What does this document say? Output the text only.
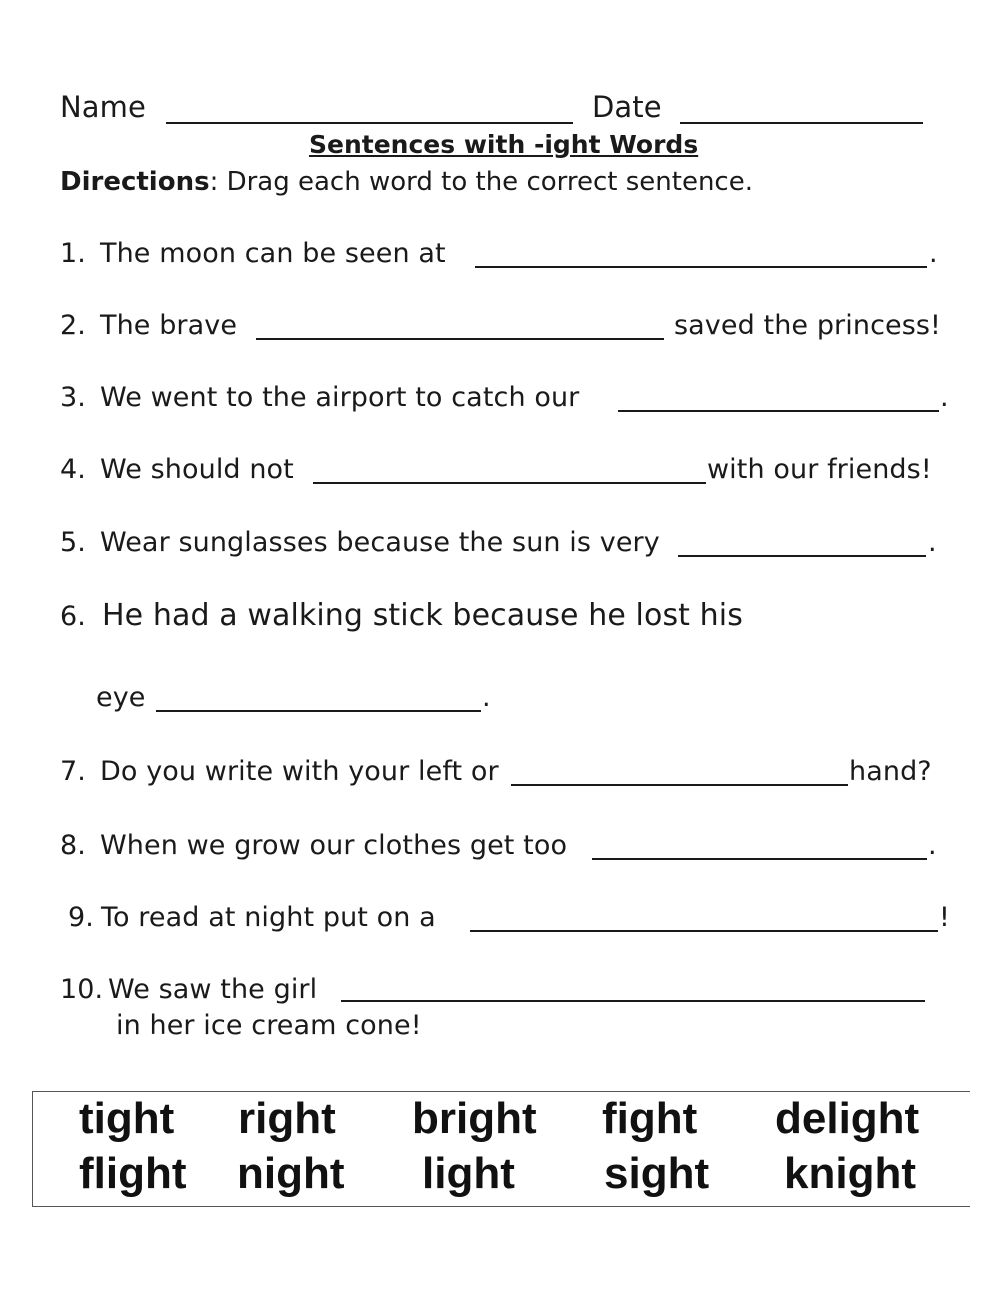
Name	Date
Sentences with -ight Words
Directions: Drag each word to the correct sentence.
1. The moon can be seen at	.
2. The brave	saved the princess!
3. We went to the airport to catch our	.
4. We should not	with our friends!
5. Wear sunglasses because the sun is very	.
6. He had a walking stick because he lost his
eye	.
7. Do you write with your left or	hand?
8. When we grow our clothes get too	.
9. To read at night put on a	!
10. We saw the girl
in her ice cream cone!
tight right bright fight delight
flight night light sight knight
